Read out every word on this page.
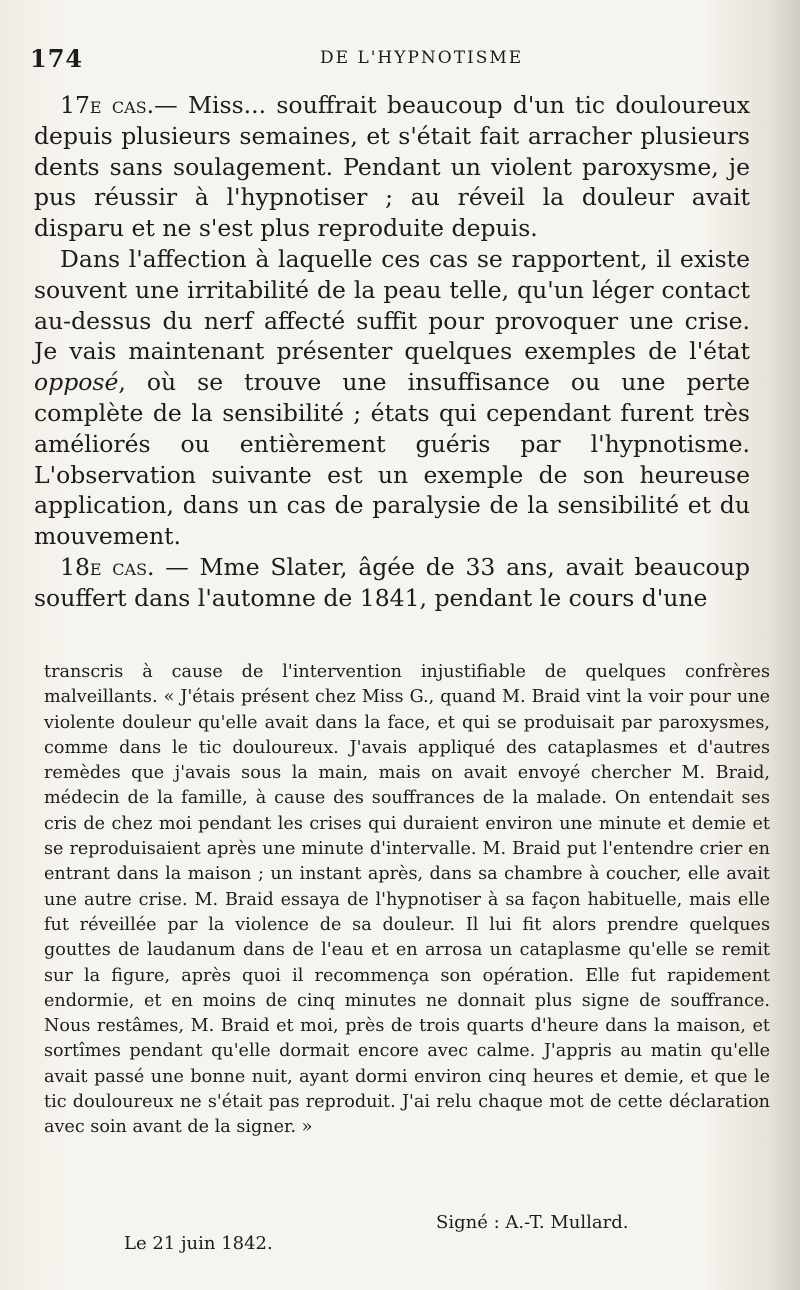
174	DE L'HYPNOTISME

17e cas.— Miss... souffrait beaucoup d'un tic douloureux depuis plusieurs semaines, et s'était fait arracher plusieurs dents sans soulagement. Pendant un violent paroxysme, je pus réussir à l'hypnotiser ; au réveil la douleur avait disparu et ne s'est plus reproduite depuis.

Dans l'affection à laquelle ces cas se rapportent, il existe souvent une irritabilité de la peau telle, qu'un léger contact au-dessus du nerf affecté suffit pour provoquer une crise. Je vais maintenant présenter quelques exemples de l'état opposé, où se trouve une insuffisance ou une perte complète de la sensibilité ; états qui cependant furent très améliorés ou entièrement guéris par l'hypnotisme. L'observation suivante est un exemple de son heureuse application, dans un cas de paralysie de la sensibilité et du mouvement.

18e cas. — Mme Slater, âgée de 33 ans, avait beaucoup souffert dans l'automne de 1841, pendant le cours d'une

transcris à cause de l'intervention injustifiable de quelques confrères malveillants. « J'étais présent chez Miss G., quand M. Braid vint la voir pour une violente douleur qu'elle avait dans la face, et qui se produisait par paroxysmes, comme dans le tic douloureux. J'avais appliqué des cataplasmes et d'autres remèdes que j'avais sous la main, mais on avait envoyé chercher M. Braid, médecin de la famille, à cause des souffrances de la malade. On entendait ses cris de chez moi pendant les crises qui duraient environ une minute et demie et se reproduisaient après une minute d'intervalle. M. Braid put l'entendre crier en entrant dans la maison ; un instant après, dans sa chambre à coucher, elle avait une autre crise. M. Braid essaya de l'hypnotiser à sa façon habituelle, mais elle fut réveillée par la violence de sa douleur. Il lui fit alors prendre quelques gouttes de laudanum dans de l'eau et en arrosa un cataplasme qu'elle se remit sur la figure, après quoi il recommença son opération. Elle fut rapidement endormie, et en moins de cinq minutes ne donnait plus signe de souffrance. Nous restâmes, M. Braid et moi, près de trois quarts d'heure dans la maison, et sortîmes pendant qu'elle dormait encore avec calme. J'appris au matin qu'elle avait passé une bonne nuit, ayant dormi environ cinq heures et demie, et que le tic douloureux ne s'était pas reproduit. J'ai relu chaque mot de cette déclaration avec soin avant de la signer. »

Signé : A.-T. Mullard.
Le 21 juin 1842.
